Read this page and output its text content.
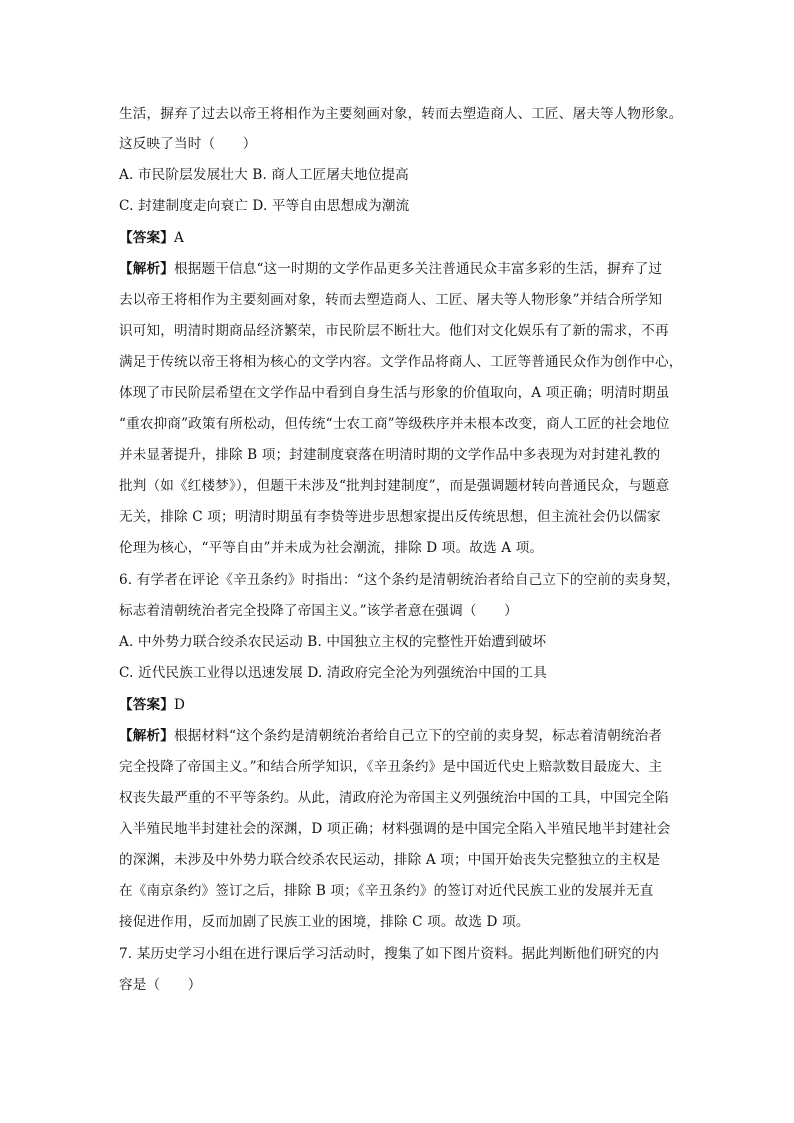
生活，摒弃了过去以帝王将相作为主要刻画对象，转而去塑造商人、工匠、屠夫等人物形象。
这反映了当时（　　）
A. 市民阶层发展壮大 B. 商人工匠屠夫地位提高
C. 封建制度走向衰亡 D. 平等自由思想成为潮流
【答案】A
【解析】根据题干信息“这一时期的文学作品更多关注普通民众丰富多彩的生活，摒弃了过
去以帝王将相作为主要刻画对象，转而去塑造商人、工匠、屠夫等人物形象”并结合所学知
识可知，明清时期商品经济繁荣，市民阶层不断壮大。他们对文化娱乐有了新的需求，不再
满足于传统以帝王将相为核心的文学内容。文学作品将商人、工匠等普通民众作为创作中心，
体现了市民阶层希望在文学作品中看到自身生活与形象的价值取向，A 项正确；明清时期虽
“重农抑商”政策有所松动，但传统“士农工商”等级秩序并未根本改变，商人工匠的社会地位
并未显著提升，排除 B 项；封建制度衰落在明清时期的文学作品中多表现为对封建礼教的
批判（如《红楼梦》），但题干未涉及“批判封建制度”，而是强调题材转向普通民众，与题意
无关，排除 C 项；明清时期虽有李贽等进步思想家提出反传统思想，但主流社会仍以儒家
伦理为核心，“平等自由”并未成为社会潮流，排除 D 项。故选 A 项。
6. 有学者在评论《辛丑条约》时指出：“这个条约是清朝统治者给自己立下的空前的卖身契，
标志着清朝统治者完全投降了帝国主义。”该学者意在强调（　　）
A. 中外势力联合绞杀农民运动 B. 中国独立主权的完整性开始遭到破坏
C. 近代民族工业得以迅速发展 D. 清政府完全沦为列强统治中国的工具
【答案】D
【解析】根据材料“这个条约是清朝统治者给自己立下的空前的卖身契，标志着清朝统治者
完全投降了帝国主义。”和结合所学知识，《辛丑条约》是中国近代史上赔款数目最庞大、主
权丧失最严重的不平等条约。从此，清政府沦为帝国主义列强统治中国的工具，中国完全陷
入半殖民地半封建社会的深渊，D 项正确；材料强调的是中国完全陷入半殖民地半封建社会
的深渊，未涉及中外势力联合绞杀农民运动，排除 A 项；中国开始丧失完整独立的主权是
在《南京条约》签订之后，排除 B 项；《辛丑条约》的签订对近代民族工业的发展并无直
接促进作用，反而加剧了民族工业的困境，排除 C 项。故选 D 项。
7. 某历史学习小组在进行课后学习活动时，搜集了如下图片资料。据此判断他们研究的内
容是（　　）
